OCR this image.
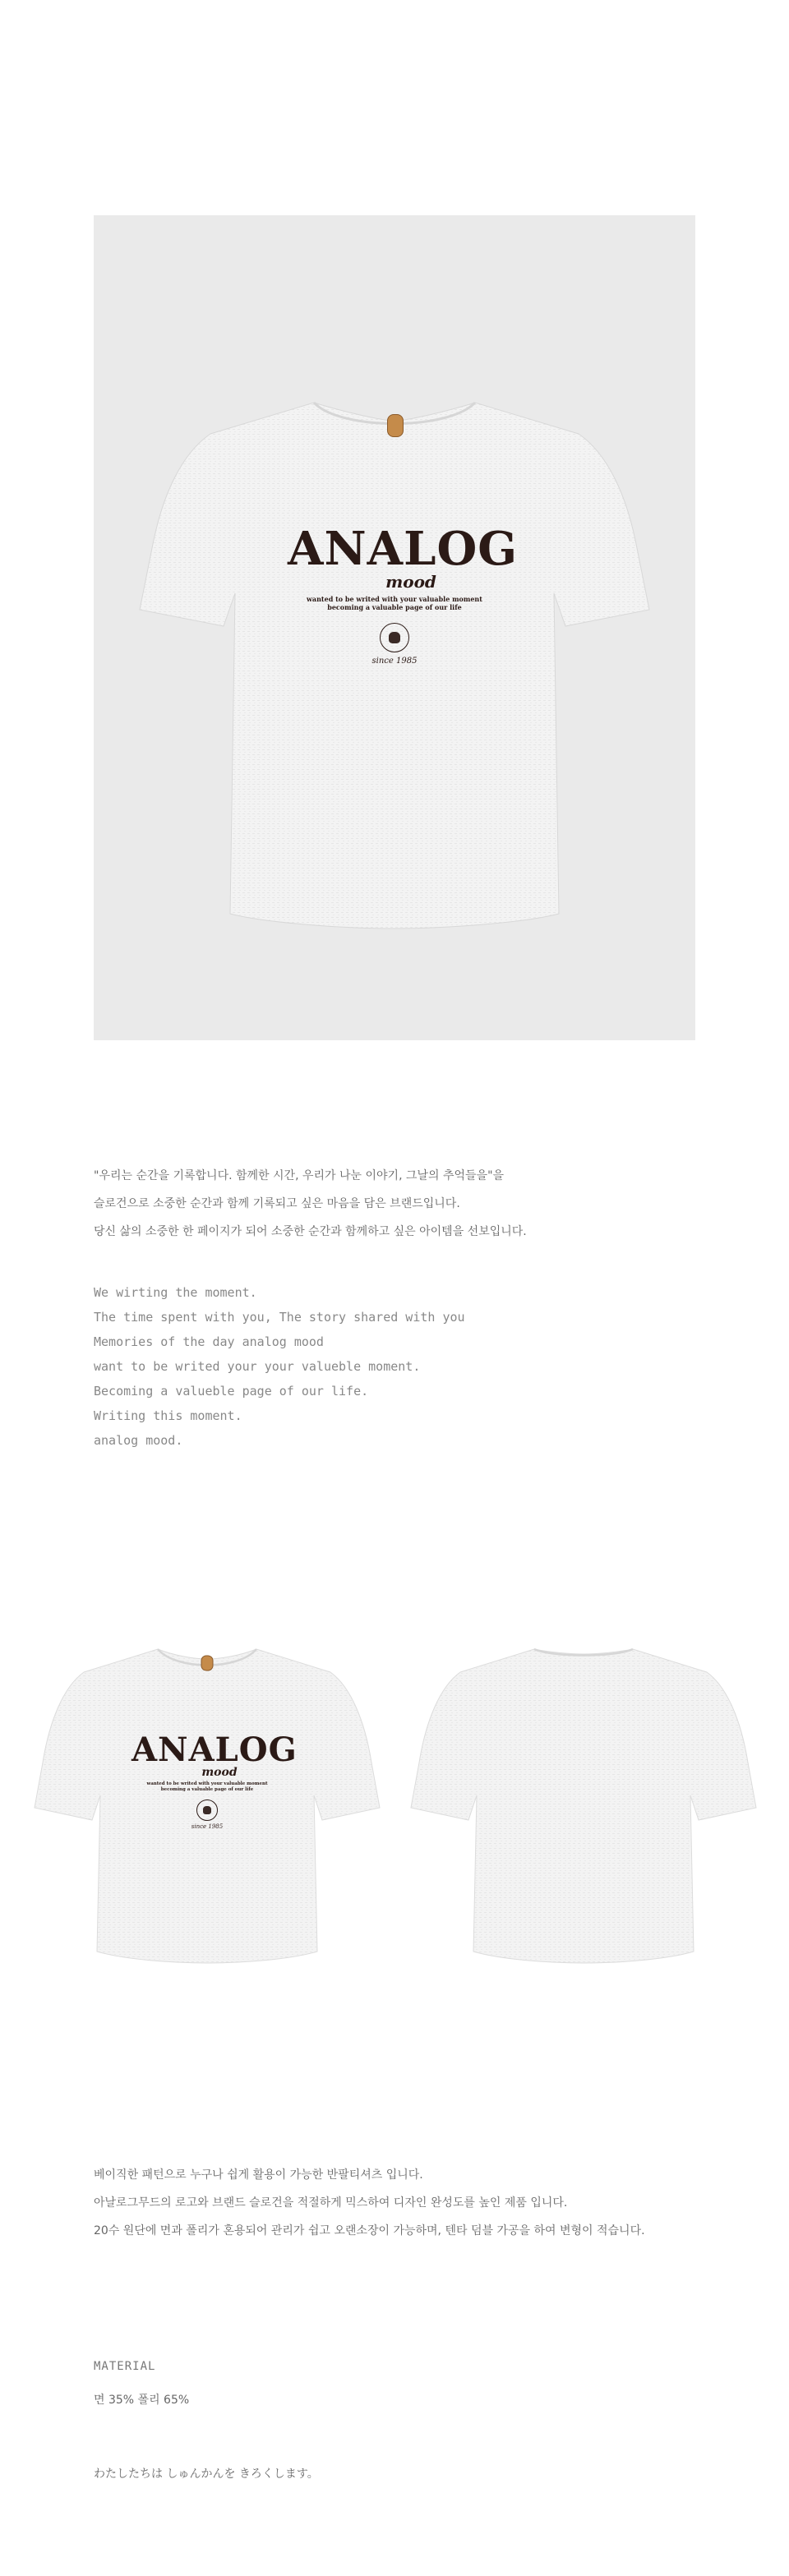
ANALOG
mood
wanted to be writed with your valuable moment
becoming a valuable page of our life
since 1985
"우리는 순간을 기록합니다. 함께한 시간, 우리가 나눈 이야기, 그날의 추억들을"을
슬로건으로 소중한 순간과 함께 기록되고 싶은 마음을 담은 브랜드입니다.
당신 삶의 소중한 한 페이지가 되어 소중한 순간과 함께하고 싶은 아이템을 선보입니다.
We wirting the moment.
The time spent with you, The story shared with you
Memories of the day analog mood
want to be writed your your valueble moment.
Becoming a valueble page of our life.
Writing this moment.
analog mood.
ANALOG
mood
wanted to be writed with your valuable moment
becoming a valuable page of our life
since 1985
베이직한 패턴으로 누구나 쉽게 활용이 가능한 반팔티셔츠 입니다.
아날로그무드의 로고와 브랜드 슬로건을 적절하게 믹스하여 디자인 완성도를 높인 제품 입니다.
20수 원단에 면과 폴리가 혼용되어 관리가 쉽고 오랜소장이 가능하며, 텐타 덤블 가공을 하여 변형이 적습니다.
MATERIAL
면 35% 폴리 65%
わたしたちは しゅんかんを きろくします。
